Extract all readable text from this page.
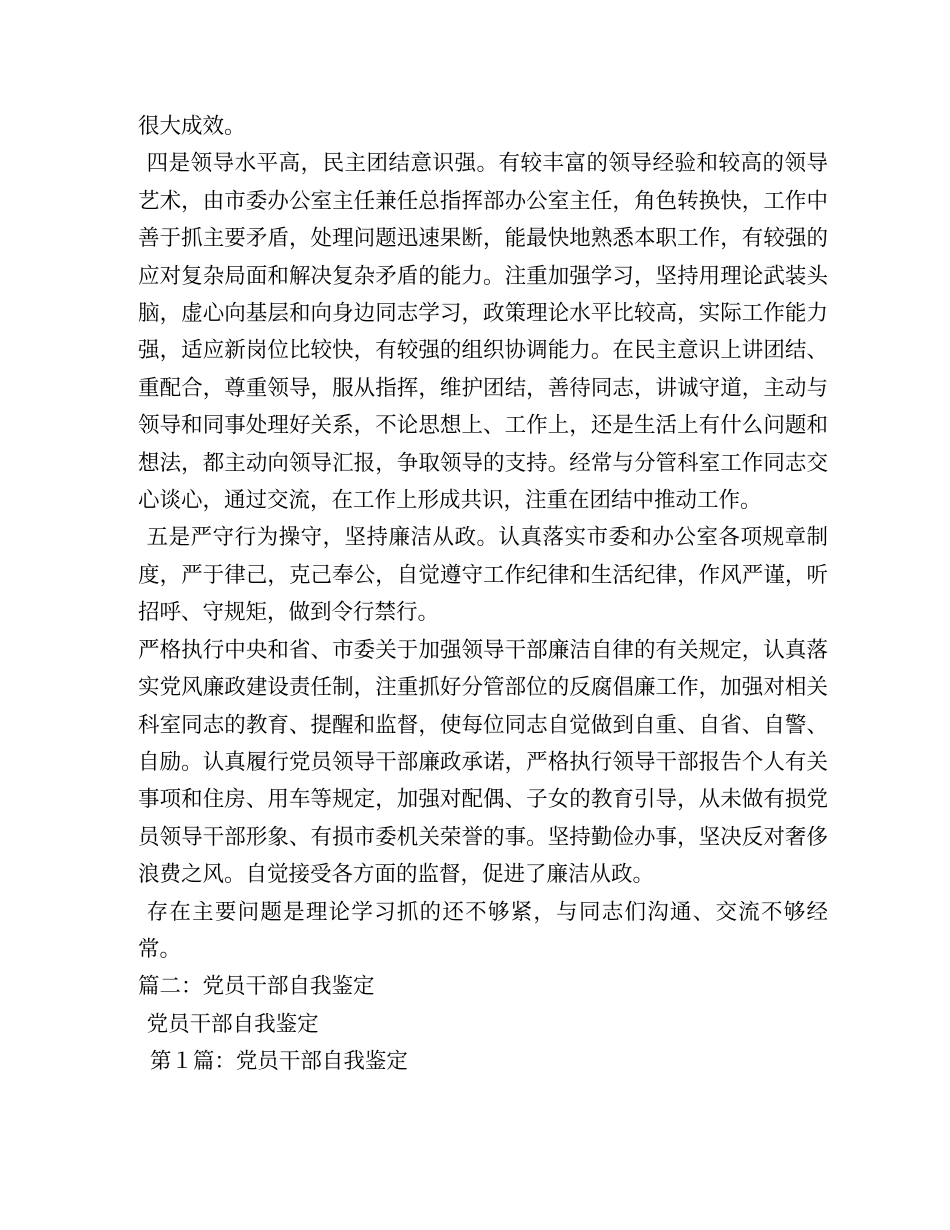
很大成效。

四是领导水平高，民主团结意识强。有较丰富的领导经验和较高的领导艺术，由市委办公室主任兼任总指挥部办公室主任，角色转换快，工作中善于抓主要矛盾，处理问题迅速果断，能最快地熟悉本职工作，有较强的应对复杂局面和解决复杂矛盾的能力。注重加强学习，坚持用理论武装头脑，虚心向基层和向身边同志学习，政策理论水平比较高，实际工作能力强，适应新岗位比较快，有较强的组织协调能力。在民主意识上讲团结、重配合，尊重领导，服从指挥，维护团结，善待同志，讲诚守道，主动与领导和同事处理好关系，不论思想上、工作上，还是生活上有什么问题和想法，都主动向领导汇报，争取领导的支持。经常与分管科室工作同志交心谈心，通过交流，在工作上形成共识，注重在团结中推动工作。

五是严守行为操守，坚持廉洁从政。认真落实市委和办公室各项规章制度，严于律己，克己奉公，自觉遵守工作纪律和生活纪律，作风严谨，听招呼、守规矩，做到令行禁行。

严格执行中央和省、市委关于加强领导干部廉洁自律的有关规定，认真落实党风廉政建设责任制，注重抓好分管部位的反腐倡廉工作，加强对相关科室同志的教育、提醒和监督，使每位同志自觉做到自重、自省、自警、自励。认真履行党员领导干部廉政承诺，严格执行领导干部报告个人有关事项和住房、用车等规定，加强对配偶、子女的教育引导，从未做有损党员领导干部形象、有损市委机关荣誉的事。坚持勤俭办事，坚决反对奢侈浪费之风。自觉接受各方面的监督，促进了廉洁从政。

存在主要问题是理论学习抓的还不够紧，与同志们沟通、交流不够经常。

篇二：党员干部自我鉴定

党员干部自我鉴定

第１篇：党员干部自我鉴定
